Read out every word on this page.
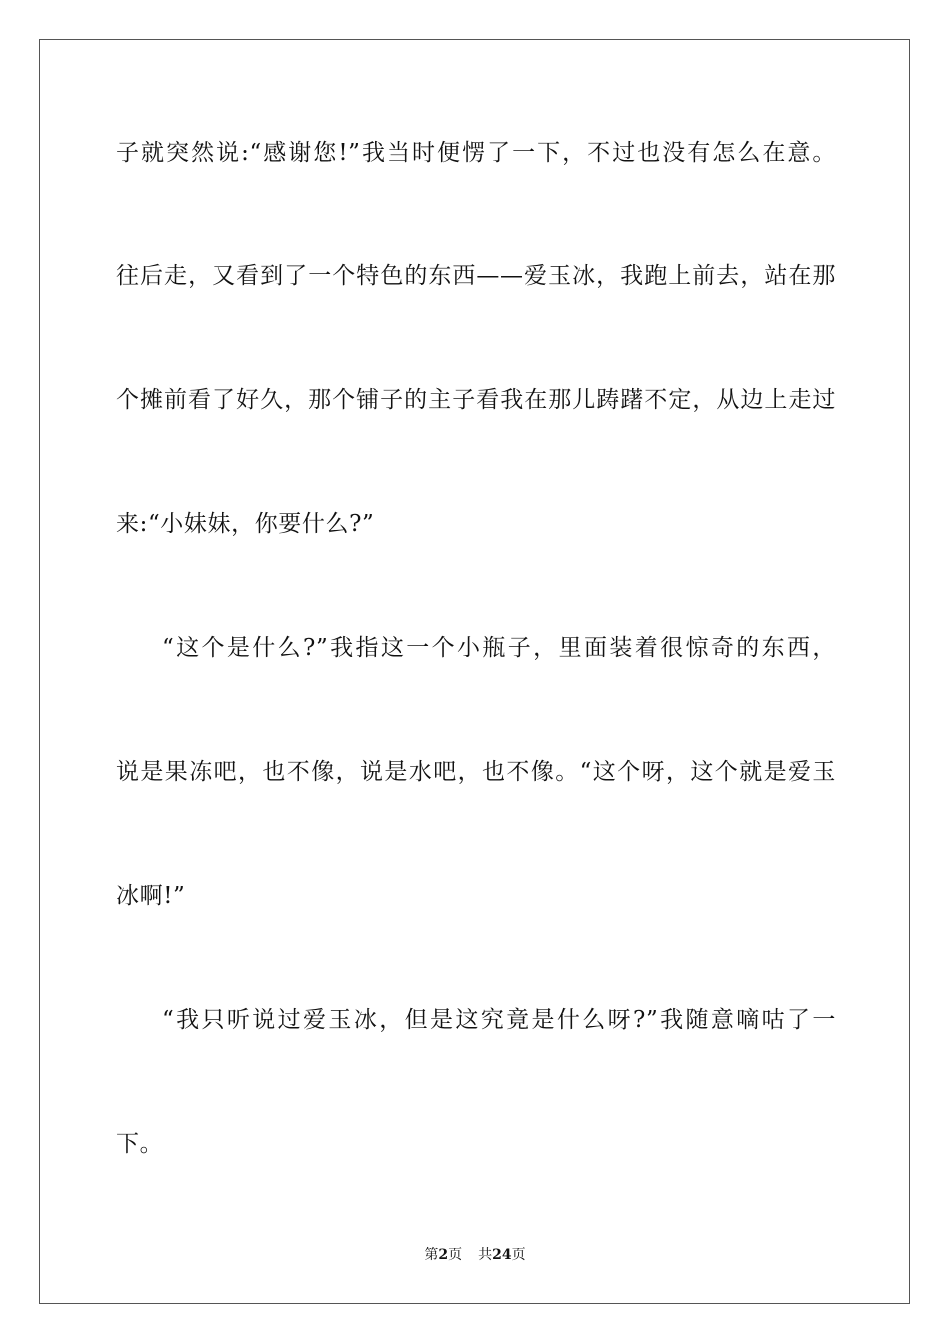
子就突然说:“感谢您!”我当时便愣了一下，不过也没有怎么在意。
往后走，又看到了一个特色的东西——爱玉冰，我跑上前去，站在那
个摊前看了好久，那个铺子的主子看我在那儿踌躇不定，从边上走过
来:“小妹妹，你要什么?”
“这个是什么?”我指这一个小瓶子，里面装着很惊奇的东西，
说是果冻吧，也不像，说是水吧，也不像。“这个呀，这个就是爱玉
冰啊!”
“我只听说过爱玉冰，但是这究竟是什么呀?”我随意嘀咕了一
下。
第2页 共24页
